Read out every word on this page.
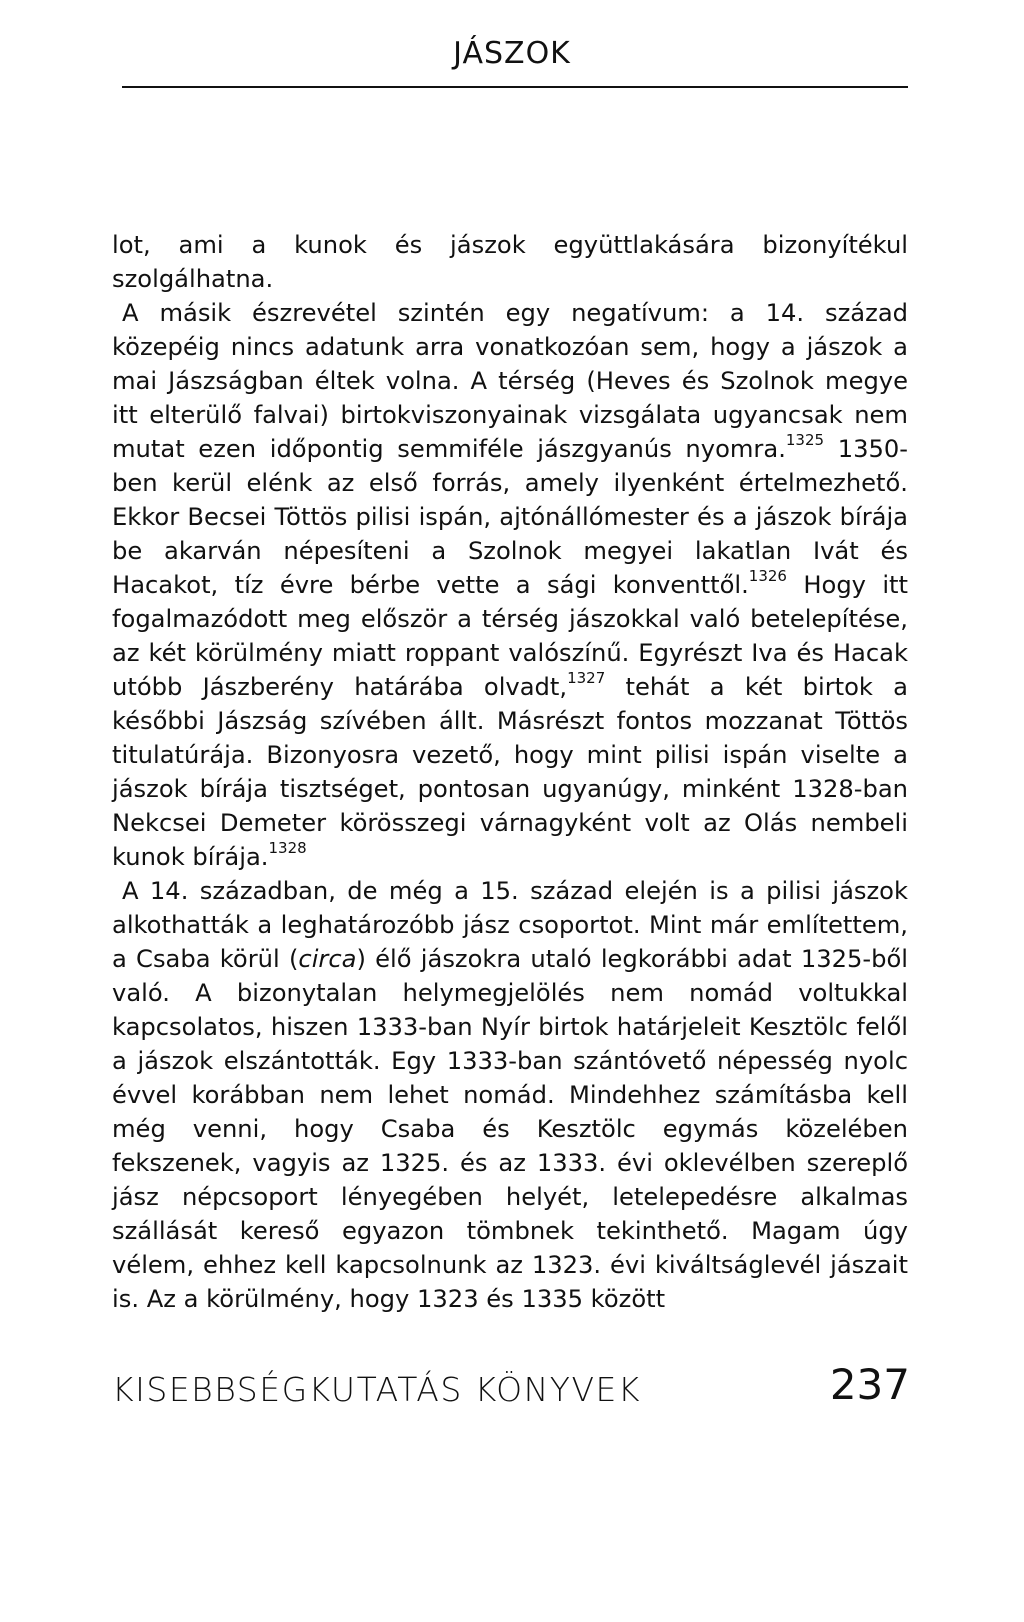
JÁSZOK

lot, ami a kunok és jászok együttlakására bizonyítékul szolgálhatna.

A másik észrevétel szintén egy negatívum: a 14. század közepéig nincs adatunk arra vonatkozóan sem, hogy a jászok a mai Jászságban éltek volna. A térség (Heves és Szolnok megye itt elterülő falvai) birtokviszonyainak vizsgálata ugyancsak nem mutat ezen időpontig semmiféle jászgyanús nyomra.$^{1325}$ 1350-ben kerül elénk az első forrás, amely ilyenként értelmezhető. Ekkor Becsei Töttös pilisi ispán, ajtónállómester és a jászok bírája be akarván népesíteni a Szolnok megyei lakatlan Ivát és Hacakot, tíz évre bérbe vette a sági konventtől.$^{1326}$ Hogy itt fogalmazódott meg először a térség jászokkal való betelepítése, az két körülmény miatt roppant valószínű. Egyrészt Iva és Hacak utóbb Jászberény határába olvadt,$^{1327}$ tehát a két birtok a későbbi Jászság szívében állt. Másrészt fontos mozzanat Töttös titulatúrája. Bizonyosra vezető, hogy mint pilisi ispán viselte a jászok bírája tisztséget, pontosan ugyanúgy, minként 1328-ban Nekcsei Demeter körösszegi várnagyként volt az Olás nembeli kunok bírája.$^{1328}$

A 14. században, de még a 15. század elején is a pilisi jászok alkothatták a leghatározóbb jász csoportot. Mint már említettem, a Csaba körül (circa) élő jászokra utaló legkorábbi adat 1325-ből való. A bizonytalan helymegjelölés nem nomád voltukkal kapcsolatos, hiszen 1333-ban Nyír birtok határjeleit Kesztölc felől a jászok elszántották. Egy 1333-ban szántóvető népesség nyolc évvel korábban nem lehet nomád. Mindehhez számításba kell még venni, hogy Csaba és Kesztölc egymás közelében fekszenek, vagyis az 1325. és az 1333. évi oklevélben szereplő jász népcsoport lényegében helyét, letelepedésre alkalmas szállását kereső egyazon tömbnek tekinthető. Magam úgy vélem, ehhez kell kapcsolnunk az 1323. évi kiváltságlevél jászait is. Az a körülmény, hogy 1323 és 1335 között

KISEBBSÉGKUTATÁS KÖNYVEK	237
